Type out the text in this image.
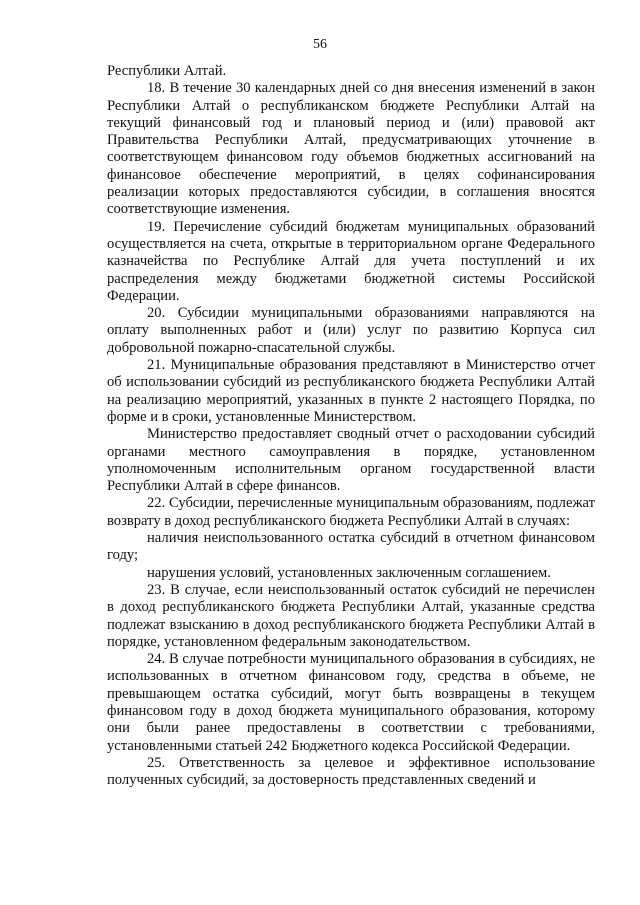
56

Республики Алтай.

18. В течение 30 календарных дней со дня внесения изменений в закон Республики Алтай о республиканском бюджете Республики Алтай на текущий финансовый год и плановый период и (или) правовой акт Правительства Республики Алтай, предусматривающих уточнение в соответствующем финансовом году объемов бюджетных ассигнований на финансовое обеспечение мероприятий, в целях софинансирования реализации которых предоставляются субсидии, в соглашения вносятся соответствующие изменения.

19. Перечисление субсидий бюджетам муниципальных образований осуществляется на счета, открытые в территориальном органе Федерального казначейства по Республике Алтай для учета поступлений и их распределения между бюджетами бюджетной системы Российской Федерации.

20. Субсидии муниципальными образованиями направляются на оплату выполненных работ и (или) услуг по развитию Корпуса сил добровольной пожарно-спасательной службы.

21. Муниципальные образования представляют в Министерство отчет об использовании субсидий из республиканского бюджета Республики Алтай на реализацию мероприятий, указанных в пункте 2 настоящего Порядка, по форме и в сроки, установленные Министерством.

Министерство предоставляет сводный отчет о расходовании субсидий органами местного самоуправления в порядке, установленном уполномоченным исполнительным органом государственной власти Республики Алтай в сфере финансов.

22. Субсидии, перечисленные муниципальным образованиям, подлежат возврату в доход республиканского бюджета Республики Алтай в случаях:

наличия неиспользованного остатка субсидий в отчетном финансовом году;

нарушения условий, установленных заключенным соглашением.

23. В случае, если неиспользованный остаток субсидий не перечислен в доход республиканского бюджета Республики Алтай, указанные средства подлежат взысканию в доход республиканского бюджета Республики Алтай в порядке, установленном федеральным законодательством.

24. В случае потребности муниципального образования в субсидиях, не использованных в отчетном финансовом году, средства в объеме, не превышающем остатка субсидий, могут быть возвращены в текущем финансовом году в доход бюджета муниципального образования, которому они были ранее предоставлены в соответствии с требованиями, установленными статьей 242 Бюджетного кодекса Российской Федерации.

25. Ответственность за целевое и эффективное использование полученных субсидий, за достоверность представленных сведений и
